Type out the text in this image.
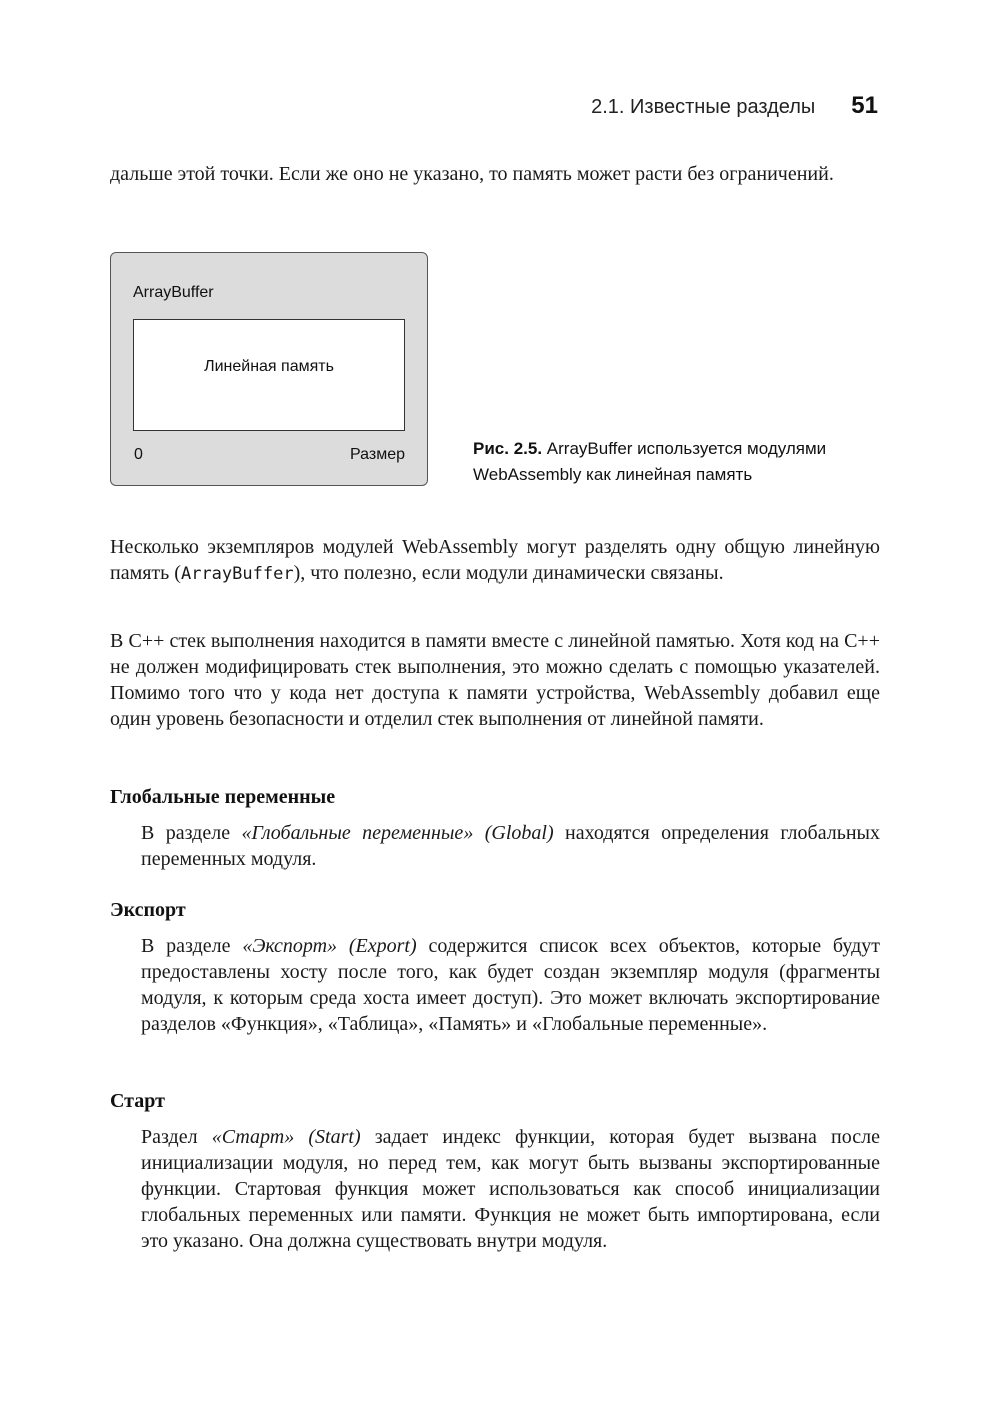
2.1. Известные разделы 51

дальше этой точки. Если же оно не указано, то память может расти без ограничений.

ArrayBuffer
Линейная память
0	Размер	Рис. 2.5. ArrayBuffer используется модулями WebAssembly как линейная память

Несколько экземпляров модулей WebAssembly могут разделять одну общую линейную память (ArrayBuffer), что полезно, если модули динамически связаны.

В C++ стек выполнения находится в памяти вместе с линейной памятью. Хотя код на C++ не должен модифицировать стек выполнения, это можно сделать с помощью указателей. Помимо того что у кода нет доступа к памяти устройства, WebAssembly добавил еще один уровень безопасности и отделил стек выполнения от линейной памяти.

Глобальные переменные

В разделе «Глобальные переменные» (Global) находятся определения глобальных переменных модуля.

Экспорт

В разделе «Экспорт» (Export) содержится список всех объектов, которые будут предоставлены хосту после того, как будет создан экземпляр модуля (фрагменты модуля, к которым среда хоста имеет доступ). Это может включать экспортирование разделов «Функция», «Таблица», «Память» и «Глобальные переменные».

Старт

Раздел «Старт» (Start) задает индекс функции, которая будет вызвана после инициализации модуля, но перед тем, как могут быть вызваны экспортированные функции. Стартовая функция может использоваться как способ инициализации глобальных переменных или памяти. Функция не может быть импортирована, если это указано. Она должна существовать внутри модуля.
